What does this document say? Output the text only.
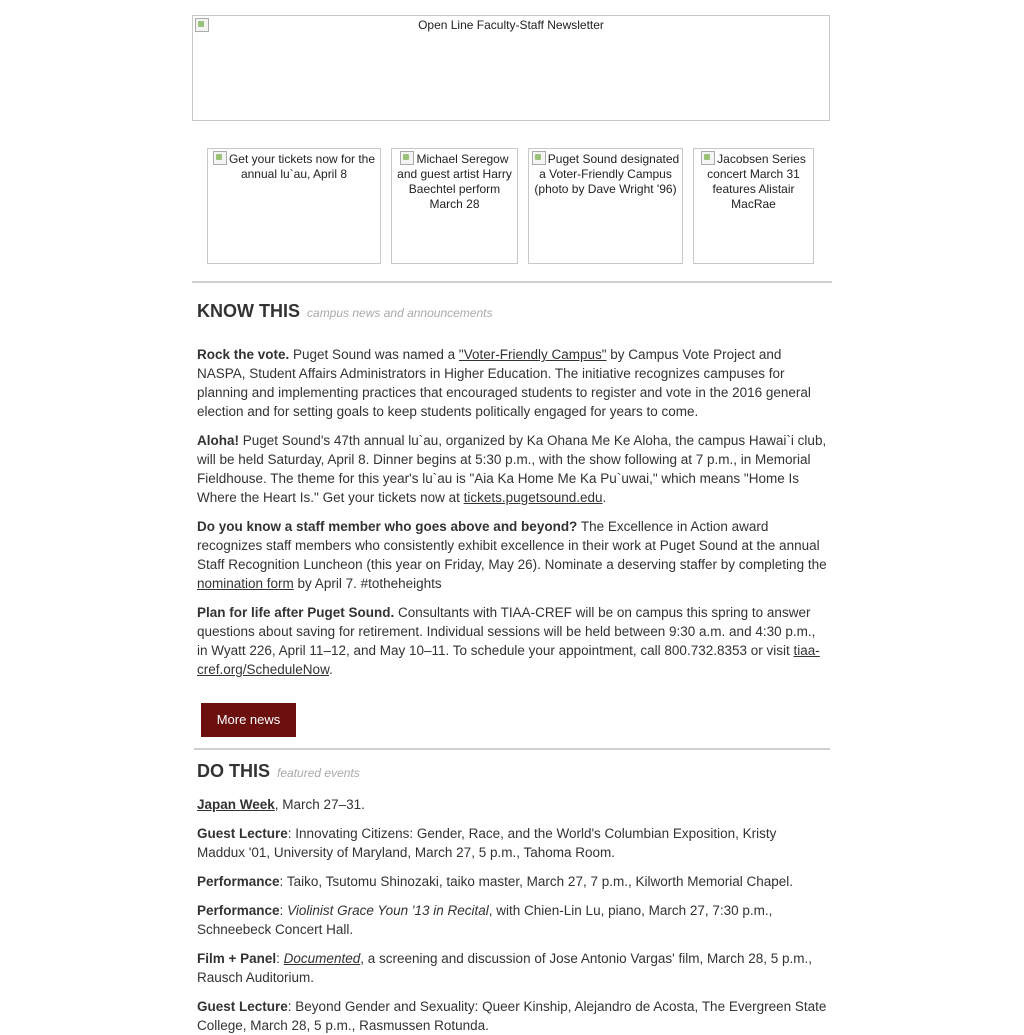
Open Line Faculty-Staff Newsletter
Get your tickets now for the annual lu`au, April 8
Michael Seregow and guest artist Harry Baechtel perform March 28
Puget Sound designated a Voter-Friendly Campus (photo by Dave Wright '96)
Jacobsen Series concert March 31 features Alistair MacRae
KNOW THIS campus news and announcements
Rock the vote. Puget Sound was named a "Voter-Friendly Campus" by Campus Vote Project and NASPA, Student Affairs Administrators in Higher Education. The initiative recognizes campuses for planning and implementing practices that encouraged students to register and vote in the 2016 general election and for setting goals to keep students politically engaged for years to come.
Aloha! Puget Sound's 47th annual lu`au, organized by Ka Ohana Me Ke Aloha, the campus Hawai`i club, will be held Saturday, April 8. Dinner begins at 5:30 p.m., with the show following at 7 p.m., in Memorial Fieldhouse. The theme for this year's lu`au is "Aia Ka Home Me Ka Pu`uwai," which means "Home Is Where the Heart Is." Get your tickets now at tickets.pugetsound.edu.
Do you know a staff member who goes above and beyond? The Excellence in Action award recognizes staff members who consistently exhibit excellence in their work at Puget Sound at the annual Staff Recognition Luncheon (this year on Friday, May 26). Nominate a deserving staffer by completing the nomination form by April 7. #totheheights
Plan for life after Puget Sound. Consultants with TIAA-CREF will be on campus this spring to answer questions about saving for retirement. Individual sessions will be held between 9:30 a.m. and 4:30 p.m., in Wyatt 226, April 11–12, and May 10–11. To schedule your appointment, call 800.732.8353 or visit tiaa-cref.org/ScheduleNow.
More news
DO THIS featured events
Japan Week, March 27–31.
Guest Lecture: Innovating Citizens: Gender, Race, and the World's Columbian Exposition, Kristy Maddux '01, University of Maryland, March 27, 5 p.m., Tahoma Room.
Performance: Taiko, Tsutomu Shinozaki, taiko master, March 27, 7 p.m., Kilworth Memorial Chapel.
Performance: Violinist Grace Youn '13 in Recital, with Chien-Lin Lu, piano, March 27, 7:30 p.m., Schneebeck Concert Hall.
Film + Panel: Documented, a screening and discussion of Jose Antonio Vargas' film, March 28, 5 p.m., Rausch Auditorium.
Guest Lecture: Beyond Gender and Sexuality: Queer Kinship, Alejandro de Acosta, The Evergreen State College, March 28, 5 p.m., Rasmussen Rotunda.
